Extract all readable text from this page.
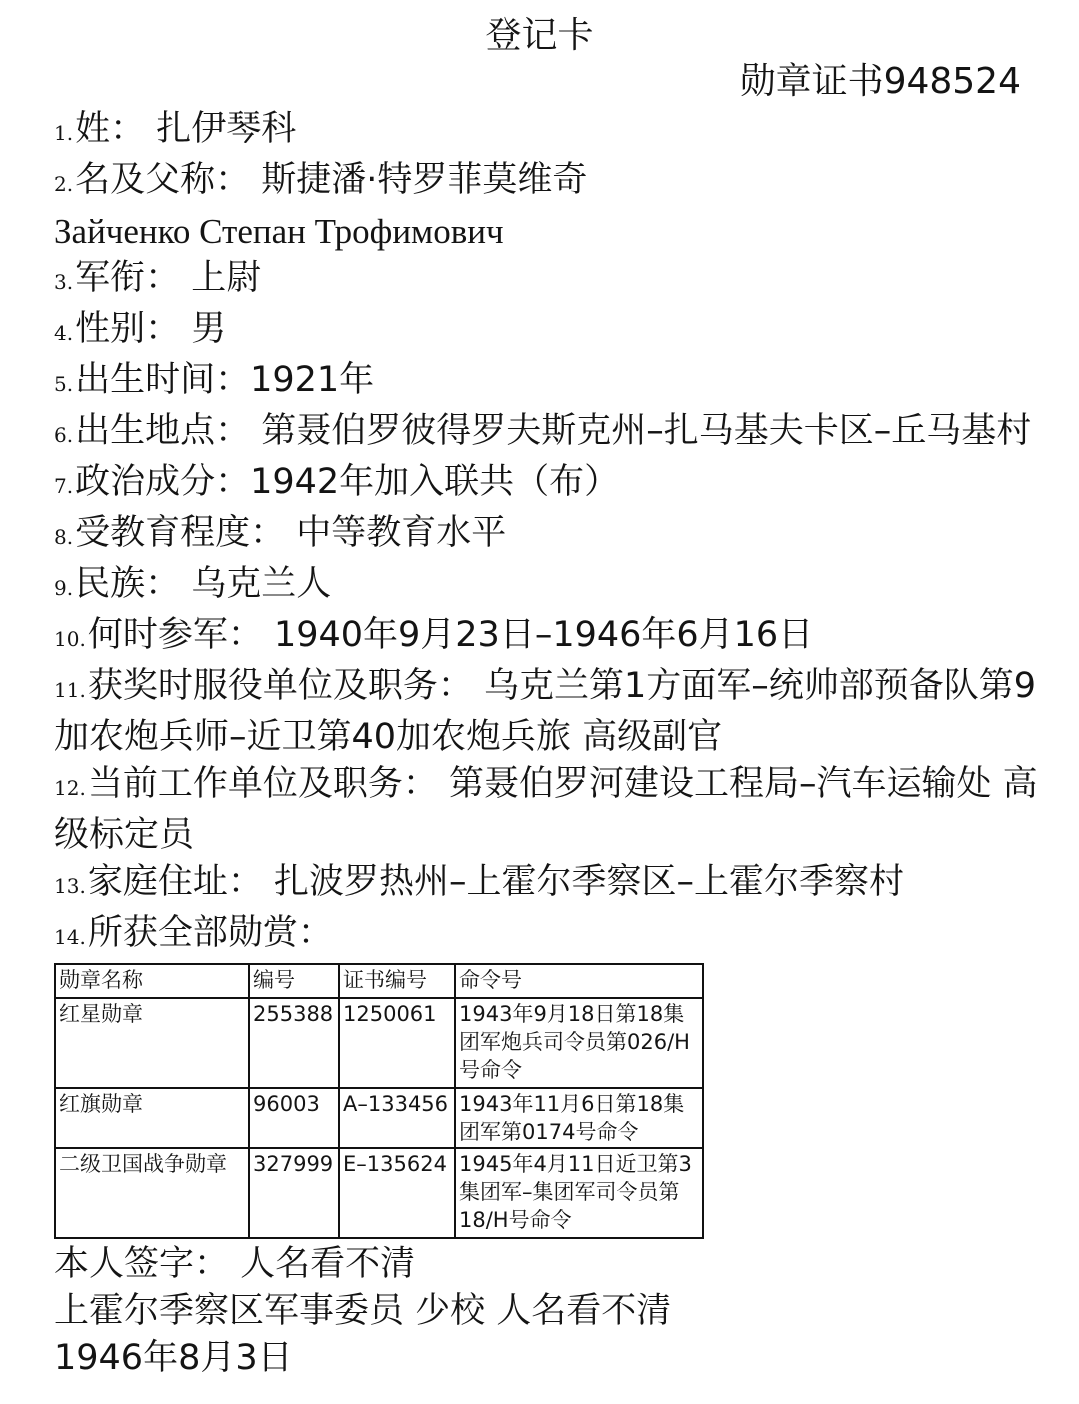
登记卡
勋章证书948524
1.姓： 扎伊琴科
2.名及父称： 斯捷潘·特罗菲莫维奇
Зайченко Степан Трофимович
3.军衔： 上尉
4.性别： 男
5.出生时间：1921年
6.出生地点： 第聂伯罗彼得罗夫斯克州–扎马基夫卡区–丘马基村
7.政治成分：1942年加入联共（布）
8.受教育程度： 中等教育水平
9.民族： 乌克兰人
10.何时参军： 1940年9月23日–1946年6月16日
11.获奖时服役单位及职务： 乌克兰第1方面军–统帅部预备队第9加农炮兵师–近卫第40加农炮兵旅 高级副官
12.当前工作单位及职务： 第聂伯罗河建设工程局–汽车运输处 高级标定员
13.家庭住址： 扎波罗热州–上霍尔季察区–上霍尔季察村
14.所获全部勋赏：
勋章名称	编号	证书编号	命令号
红星勋章	255388	1250061	1943年9月18日第18集团军炮兵司令员第026/H号命令
红旗勋章	96003	A–133456	1943年11月6日第18集团军第0174号命令
二级卫国战争勋章	327999	E–135624	1945年4月11日近卫第3集团军–集团军司令员第18/H号命令
本人签字： 人名看不清
上霍尔季察区军事委员 少校 人名看不清
1946年8月3日
